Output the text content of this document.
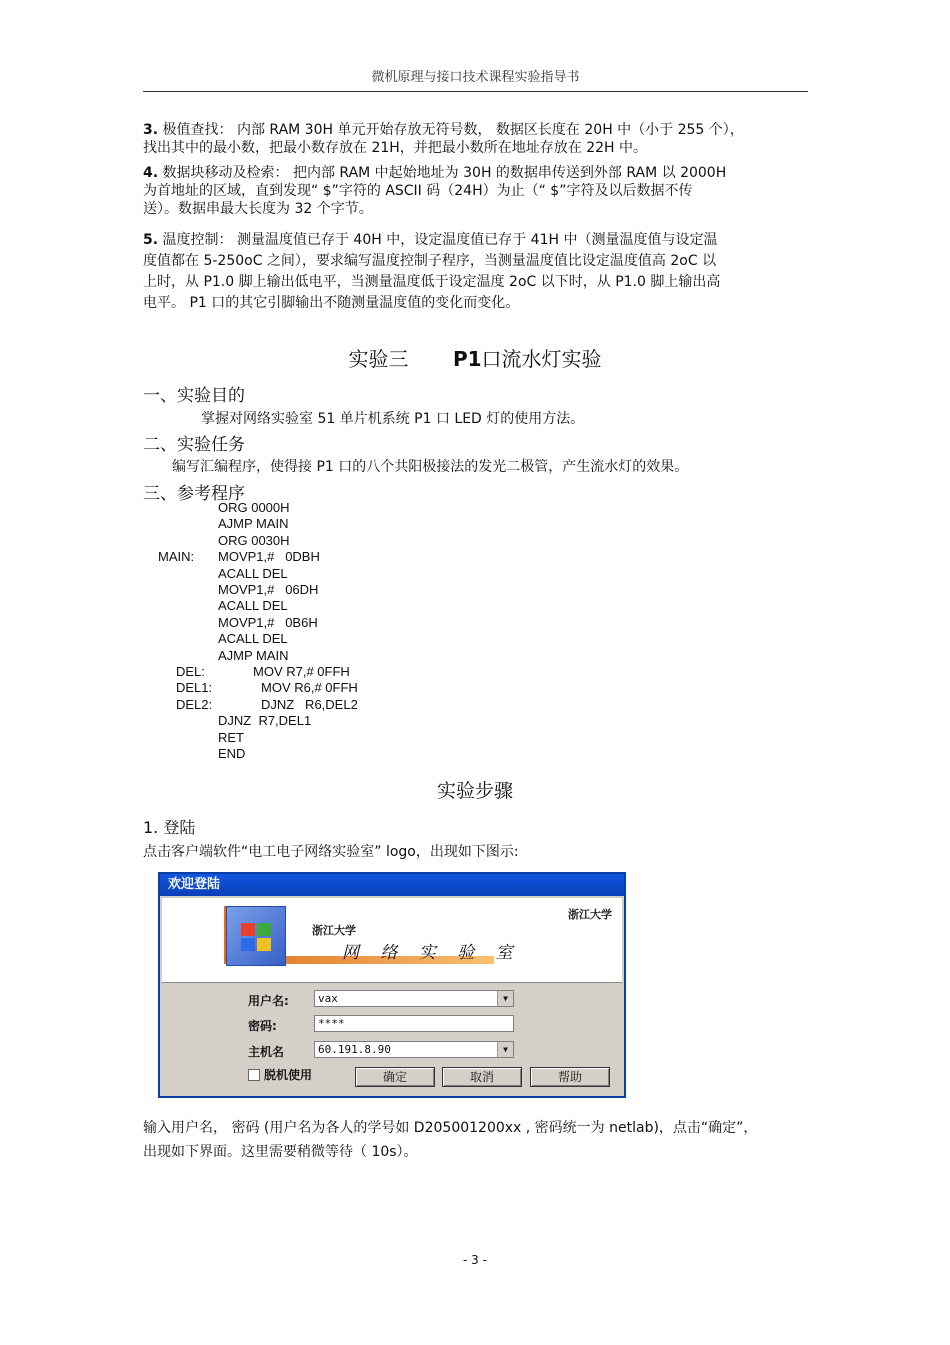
微机原理与接口技术课程实验指导书
3. 极值查找： 内部 RAM 30H 单元开始存放无符号数， 数据区长度在 20H 中（小于 255 个），
找出其中的最小数，把最小数存放在 21H，并把最小数所在地址存放在 22H 中。
4. 数据块移动及检索： 把内部 RAM 中起始地址为 30H 的数据串传送到外部 RAM 以 2000H
为首地址的区域，直到发现“ $”字符的 ASCII 码（24H）为止（“ $”字符及以后数据不传
送）。数据串最大长度为 32 个字节。
5. 温度控制： 测量温度值已存于 40H 中，设定温度值已存于 41H 中（测量温度值与设定温
度值都在 5-250oC 之间），要求编写温度控制子程序，当测量温度值比设定温度值高 2oC 以
上时，从 P1.0 脚上输出低电平，当测量温度低于设定温度 2oC 以下时，从 P1.0 脚上输出高
电平。 P1 口的其它引脚输出不随测量温度值的变化而变化。
实验三 P1口流水灯实验
一、实验目的
掌握对网络实验室 51 单片机系统 P1 口 LED 灯的使用方法。
二、实验任务
编写汇编程序，使得接 P1 口的八个共阳极接法的发光二极管，产生流水灯的效果。
三、参考程序
ORG 0000H
AJMP MAIN
ORG 0030H
MAIN: MOVP1,#   0DBH
ACALL DEL
MOVP1,#   06DH
ACALL DEL
MOVP1,#   0B6H
ACALL DEL
AJMP MAIN
DEL:	MOV R7,# 0FFH
DEL1:	MOV R6,# 0FFH
DEL2:	DJNZ   R6,DEL2
DJNZ  R7,DEL1
RET
END
实验步骤
1. 登陆
点击客户端软件“电工电子网络实验室” logo，出现如下图示:
欢迎登陆
浙江大学
浙江大学
网 络 实 验 室
用户名:	vax	▼
密码:	****
主机名	60.191.8.90	▼
脱机使用	确定	取消	帮助
输入用户名， 密码 (用户名为各人的学号如 D205001200xx , 密码统一为 netlab)，点击“确定”，
出现如下界面。这里需要稍微等待（ 10s）。
- 3 -
